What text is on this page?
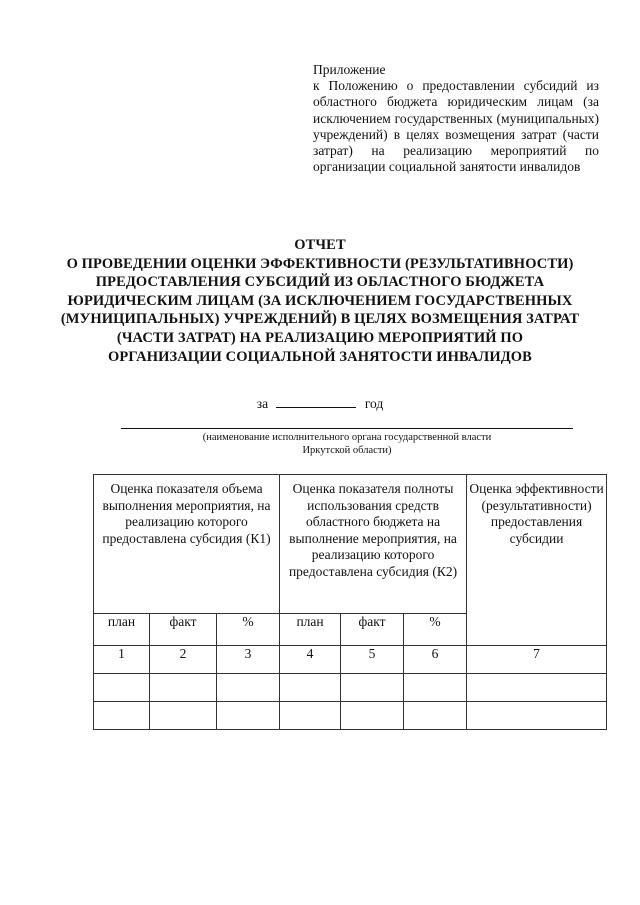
Приложение
к Положению о предоставлении субсидий из областного бюджета юридическим лицам (за исключением государственных (муниципальных) учреждений) в целях возмещения затрат (части затрат) на реализацию мероприятий по организации социальной занятости инвалидов
ОТЧЕТ
О ПРОВЕДЕНИИ ОЦЕНКИ ЭФФЕКТИВНОСТИ (РЕЗУЛЬТАТИВНОСТИ) ПРЕДОСТАВЛЕНИЯ СУБСИДИЙ ИЗ ОБЛАСТНОГО БЮДЖЕТА ЮРИДИЧЕСКИМ ЛИЦАМ (ЗА ИСКЛЮЧЕНИЕМ ГОСУДАРСТВЕННЫХ (МУНИЦИПАЛЬНЫХ) УЧРЕЖДЕНИЙ) В ЦЕЛЯХ ВОЗМЕЩЕНИЯ ЗАТРАТ (ЧАСТИ ЗАТРАТ) НА РЕАЛИЗАЦИЮ МЕРОПРИЯТИЙ ПО ОРГАНИЗАЦИИ СОЦИАЛЬНОЙ ЗАНЯТОСТИ ИНВАЛИДОВ
за	год
(наименование исполнительного органа государственной власти
Иркутской области)
Оценка показателя объема выполнения мероприятия, на реализацию которого предоставлена субсидия (К1)			Оценка показателя полноты использования средств областного бюджета на выполнение мероприятия, на реализацию которого предоставлена субсидия (К2)			Оценка эффективности (результативности) предоставления субсидии
план	факт	%	план	факт	%	
1	2	3	4	5	6	7
